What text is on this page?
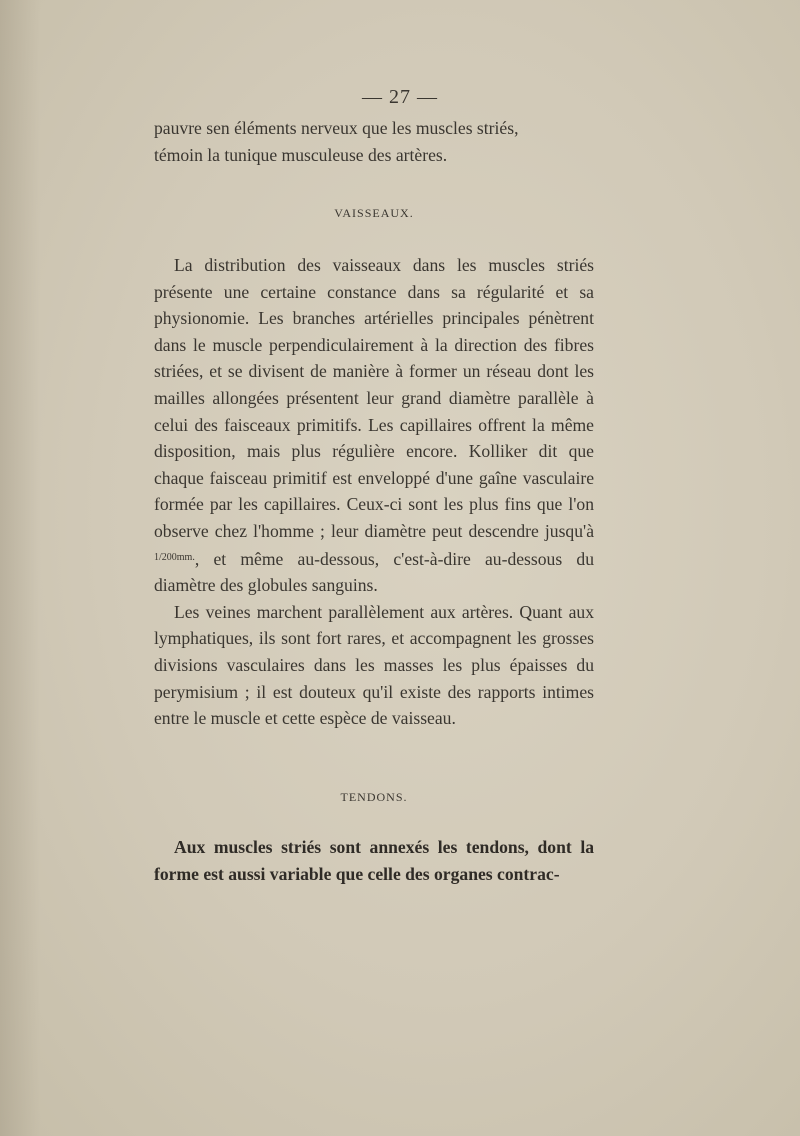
— 27 —

pauvre sen éléments nerveux que les muscles striés,

témoin la tunique musculeuse des artères.

VAISSEAUX.

La distribution des vaisseaux dans les muscles striés présente une certaine constance dans sa régularité et sa physionomie. Les branches artérielles principales pénètrent dans le muscle perpendiculairement à la direction des fibres striées, et se divisent de manière à former un réseau dont les mailles allongées présentent leur grand diamètre parallèle à celui des faisceaux primitifs. Les capillaires offrent la même disposition, mais plus régulière encore. Kolliker dit que chaque faisceau primitif est enveloppé d'une gaîne vasculaire formée par les capillaires. Ceux-ci sont les plus fins que l'on observe chez l'homme ; leur diamètre peut descendre jusqu'à $^{1/200mm.}$, et même au-dessous, c'est-à-dire au-dessous du diamètre des globules sanguins.

Les veines marchent parallèlement aux artères. Quant aux lymphatiques, ils sont fort rares, et accompagnent les grosses divisions vasculaires dans les masses les plus épaisses du perymisium ; il est douteux qu'il existe des rapports intimes entre le muscle et cette espèce de vaisseau.

TENDONS.

Aux muscles striés sont annexés les tendons, dont la forme est aussi variable que celle des organes contrac-
